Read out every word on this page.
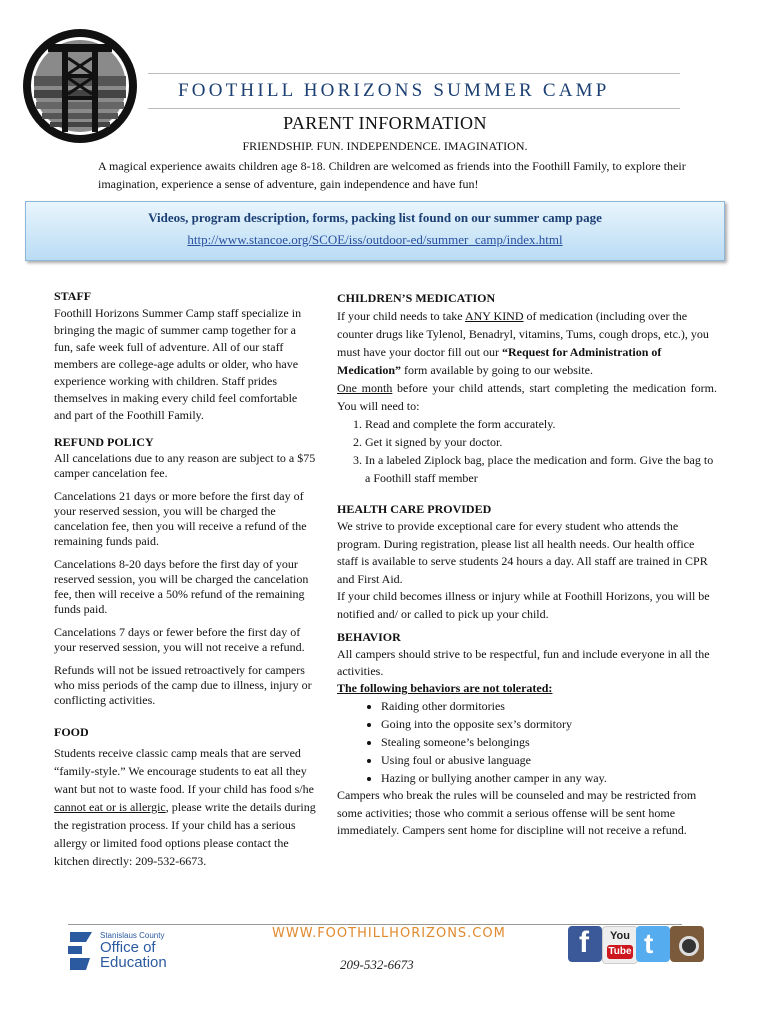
FOOTHILL HORIZONS SUMMER CAMP
PARENT INFORMATION
FRIENDSHIP. FUN. INDEPENDENCE. IMAGINATION.
A magical experience awaits children age 8-18. Children are welcomed as friends into the Foothill Family, to explore their imagination, experience a sense of adventure, gain independence and have fun!
Videos, program description, forms, packing list found on our summer camp page
http://www.stancoe.org/SCOE/iss/outdoor-ed/summer_camp/index.html
STAFF

Foothill Horizons Summer Camp staff specialize in bringing the magic of summer camp together for a fun, safe week full of adventure. All of our staff members are college-age adults or older, who have experience working with children. Staff prides themselves in making every child feel comfortable and part of the Foothill Family.

REFUND POLICY

All cancelations due to any reason are subject to a $75 camper cancelation fee.

Cancelations 21 days or more before the first day of your reserved session, you will be charged the cancelation fee, then you will receive a refund of the remaining funds paid.

Cancelations 8-20 days before the first day of your reserved session, you will be charged the cancelation fee, then will receive a 50% refund of the remaining funds paid.

Cancelations 7 days or fewer before the first day of your reserved session, you will not receive a refund.

Refunds will not be issued retroactively for campers who miss periods of the camp due to illness, injury or conflicting activities.

FOOD

Students receive classic camp meals that are served “family-style.” We encourage students to eat all they want but not to waste food. If your child has food s/he cannot eat or is allergic, please write the details during the registration process. If your child has a serious allergy or limited food options please contact the kitchen directly: 209-532-6673.

CHILDREN’S MEDICATION

If your child needs to take ANY KIND of medication (including over the counter drugs like Tylenol, Benadryl, vitamins, Tums, cough drops, etc.), you must have your doctor fill out our “Request for Administration of Medication” form available by going to our website.

One month before your child attends, start completing the medication form. You will need to:

1. Read and complete the form accurately.
2. Get it signed by your doctor.
3. In a labeled Ziplock bag, place the medication and form. Give the bag to a Foothill staff member
HEALTH CARE PROVIDED

We strive to provide exceptional care for every student who attends the program. During registration, please list all health needs. Our health office staff is available to serve students 24 hours a day. All staff are trained in CPR and First Aid.

If your child becomes illness or injury while at Foothill Horizons, you will be notified and/ or called to pick up your child.

BEHAVIOR

All campers should strive to be respectful, fun and include everyone in all the activities.

The following behaviors are not tolerated:
• Raiding other dormitories
• Going into the opposite sex’s dormitory
• Stealing someone’s belongings
• Using foul or abusive language
• Hazing or bullying another camper in any way.

Campers who break the rules will be counseled and may be restricted from some activities; those who commit a serious offense will be sent home immediately. Campers sent home for discipline will not receive a refund.

Stanislaus County
Office of
Education
WWW.FOOTHILLHORIZONS.COM
209-532-6673
f	You
Tube t
